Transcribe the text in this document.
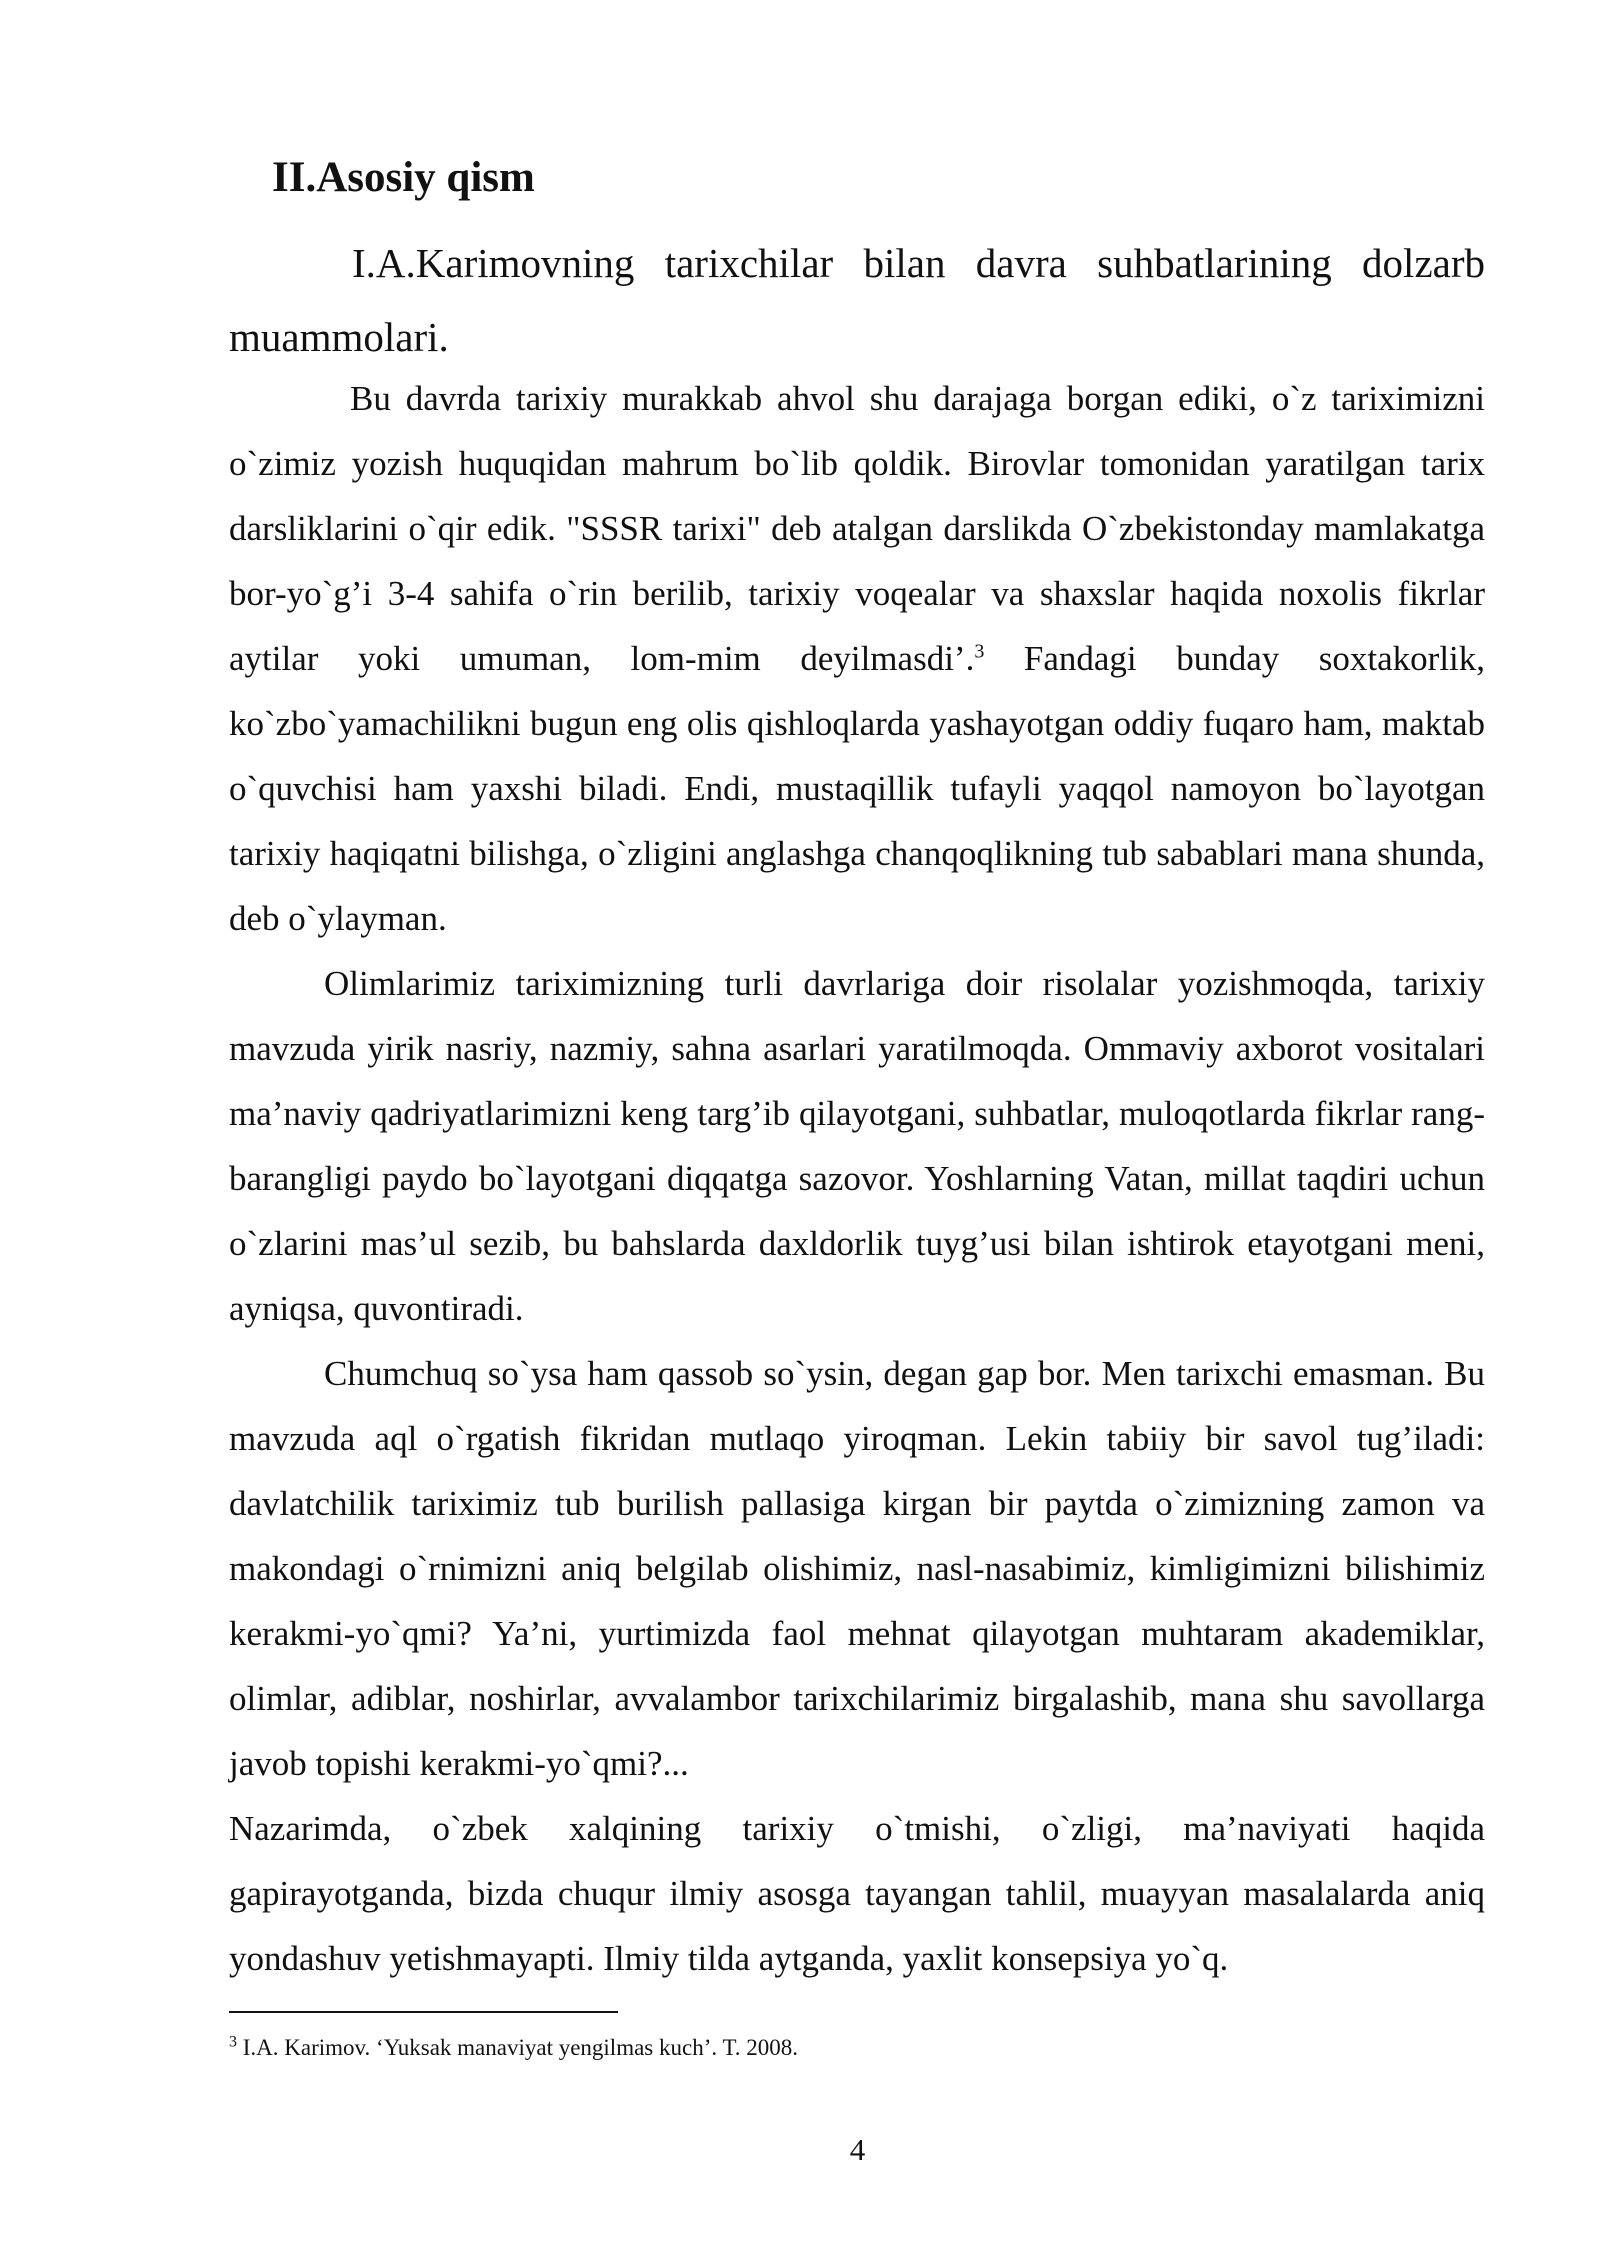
II.Asosiy qism

I.A.Karimovning tarixchilar bilan davra suhbatlarining dolzarb muammolari.

Bu davrda tarixiy murakkab ahvol shu darajaga borgan ediki, o`z tariximizni o`zimiz yozish huquqidan mahrum bo`lib qoldik. Birovlar tomonidan yaratilgan tarix darsliklarini o`qir edik. "SSSR tarixi" deb atalgan darslikda O`zbekistonday mamlakatga bor-yo`g’i 3-4 sahifa o`rin berilib, tarixiy voqealar va shaxslar haqida noxolis fikrlar aytilar yoki umuman, lom-mim deyilmasdi’.$^3$ Fandagi bunday soxtakorlik, ko`zbo`yamachilikni bugun eng olis qishloqlarda yashayotgan oddiy fuqaro ham, maktab o`quvchisi ham yaxshi biladi. Endi, mustaqillik tufayli yaqqol namoyon bo`layotgan tarixiy haqiqatni bilishga, o`zligini anglashga chanqoqlikning tub sabablari mana shunda, deb o`ylayman.

Olimlarimiz tariximizning turli davrlariga doir risolalar yozishmoqda, tarixiy mavzuda yirik nasriy, nazmiy, sahna asarlari yaratilmoqda. Ommaviy axborot vositalari ma’naviy qadriyatlarimizni keng targ’ib qilayotgani, suhbatlar, muloqotlarda fikrlar rang-barangligi paydo bo`layotgani diqqatga sazovor. Yoshlarning Vatan, millat taqdiri uchun o`zlarini mas’ul sezib, bu bahslarda daxldorlik tuyg’usi bilan ishtirok etayotgani meni, ayniqsa, quvontiradi.

Chumchuq so`ysa ham qassob so`ysin, degan gap bor. Men tarixchi emasman. Bu mavzuda aql o`rgatish fikridan mutlaqo yiroqman. Lekin tabiiy bir savol tug’iladi: davlatchilik tariximiz tub burilish pallasiga kirgan bir paytda o`zimizning zamon va makondagi o`rnimizni aniq belgilab olishimiz, nasl-nasabimiz, kimligimizni bilishimiz kerakmi-yo`qmi? Ya’ni, yurtimizda faol mehnat qilayotgan muhtaram akademiklar, olimlar, adiblar, noshirlar, avvalambor tarixchilarimiz birgalashib, mana shu savollarga javob topishi kerakmi-yo`qmi?...

Nazarimda, o`zbek xalqining tarixiy o`tmishi, o`zligi, ma’naviyati haqida gapirayotganda, bizda chuqur ilmiy asosga tayangan tahlil, muayyan masalalarda aniq yondashuv yetishmayapti. Ilmiy tilda aytganda, yaxlit konsepsiya yo`q.

$^3$ I.A. Karimov. ‘Yuksak manaviyat yengilmas kuch’. T. 2008.

4
